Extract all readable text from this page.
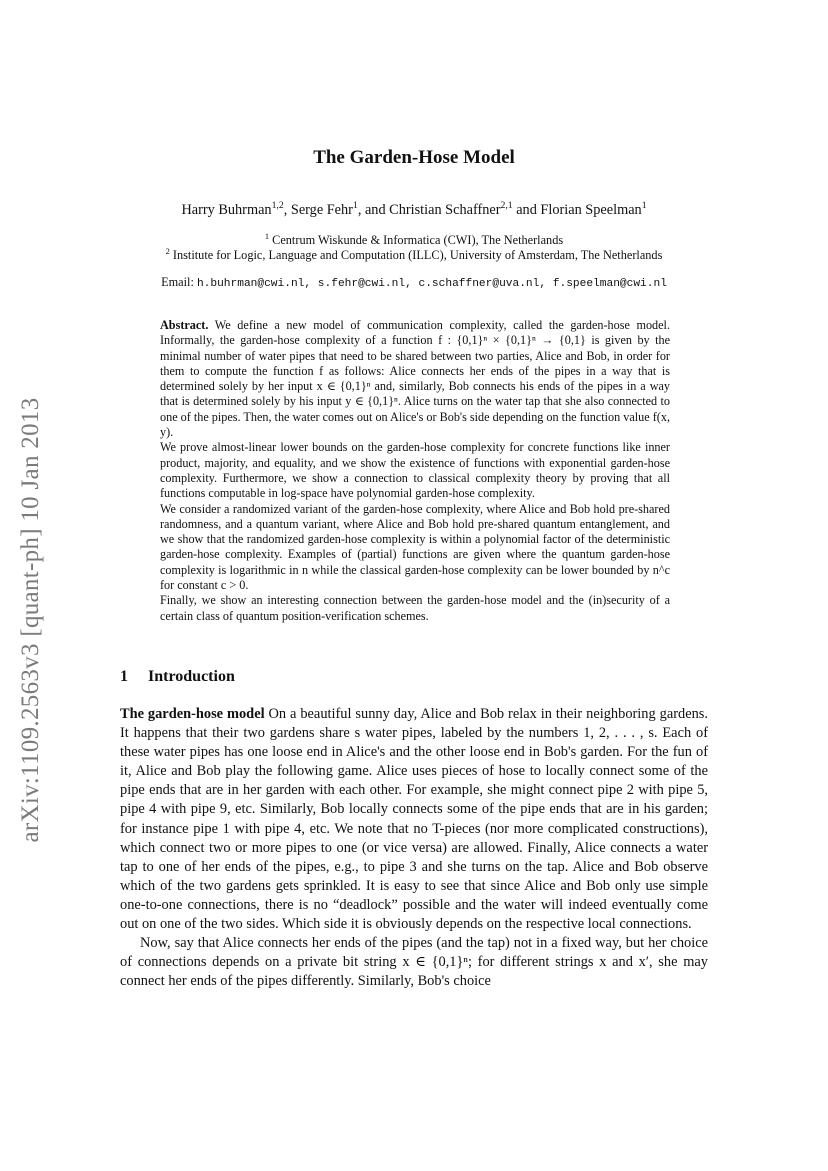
arXiv:1109.2563v3 [quant-ph] 10 Jan 2013
The Garden-Hose Model
Harry Buhrman$^{1,2}$, Serge Fehr$^1$, and Christian Schaffner$^{2,1}$ and Florian Speelman$^1$
$^1$ Centrum Wiskunde & Informatica (CWI), The Netherlands
$^2$ Institute for Logic, Language and Computation (ILLC), University of Amsterdam, The Netherlands
Email: h.buhrman@cwi.nl, s.fehr@cwi.nl, c.schaffner@uva.nl, f.speelman@cwi.nl

Abstract. We define a new model of communication complexity, called the garden-hose model. Informally, the garden-hose complexity of a function f : {0,1}ⁿ × {0,1}ⁿ → {0,1} is given by the minimal number of water pipes that need to be shared between two parties, Alice and Bob, in order for them to compute the function f as follows: Alice connects her ends of the pipes in a way that is determined solely by her input x ∈ {0,1}ⁿ and, similarly, Bob connects his ends of the pipes in a way that is determined solely by his input y ∈ {0,1}ⁿ. Alice turns on the water tap that she also connected to one of the pipes. Then, the water comes out on Alice's or Bob's side depending on the function value f(x, y).

We prove almost-linear lower bounds on the garden-hose complexity for concrete functions like inner product, majority, and equality, and we show the existence of functions with exponential garden-hose complexity. Furthermore, we show a connection to classical complexity theory by proving that all functions computable in log-space have polynomial garden-hose complexity.

We consider a randomized variant of the garden-hose complexity, where Alice and Bob hold pre-shared randomness, and a quantum variant, where Alice and Bob hold pre-shared quantum entanglement, and we show that the randomized garden-hose complexity is within a polynomial factor of the deterministic garden-hose complexity. Examples of (partial) functions are given where the quantum garden-hose complexity is logarithmic in n while the classical garden-hose complexity can be lower bounded by n^c for constant c > 0.

Finally, we show an interesting connection between the garden-hose model and the (in)security of a certain class of quantum position-verification schemes.

1 Introduction

The garden-hose model On a beautiful sunny day, Alice and Bob relax in their neighboring gardens. It happens that their two gardens share s water pipes, labeled by the numbers 1, 2, . . . , s. Each of these water pipes has one loose end in Alice's and the other loose end in Bob's garden. For the fun of it, Alice and Bob play the following game. Alice uses pieces of hose to locally connect some of the pipe ends that are in her garden with each other. For example, she might connect pipe 2 with pipe 5, pipe 4 with pipe 9, etc. Similarly, Bob locally connects some of the pipe ends that are in his garden; for instance pipe 1 with pipe 4, etc. We note that no T-pieces (nor more complicated constructions), which connect two or more pipes to one (or vice versa) are allowed. Finally, Alice connects a water tap to one of her ends of the pipes, e.g., to pipe 3 and she turns on the tap. Alice and Bob observe which of the two gardens gets sprinkled. It is easy to see that since Alice and Bob only use simple one-to-one connections, there is no “deadlock” possible and the water will indeed eventually come out on one of the two sides. Which side it is obviously depends on the respective local connections.

Now, say that Alice connects her ends of the pipes (and the tap) not in a fixed way, but her choice of connections depends on a private bit string x ∈ {0,1}ⁿ; for different strings x and x′, she may connect her ends of the pipes differently. Similarly, Bob's choice
